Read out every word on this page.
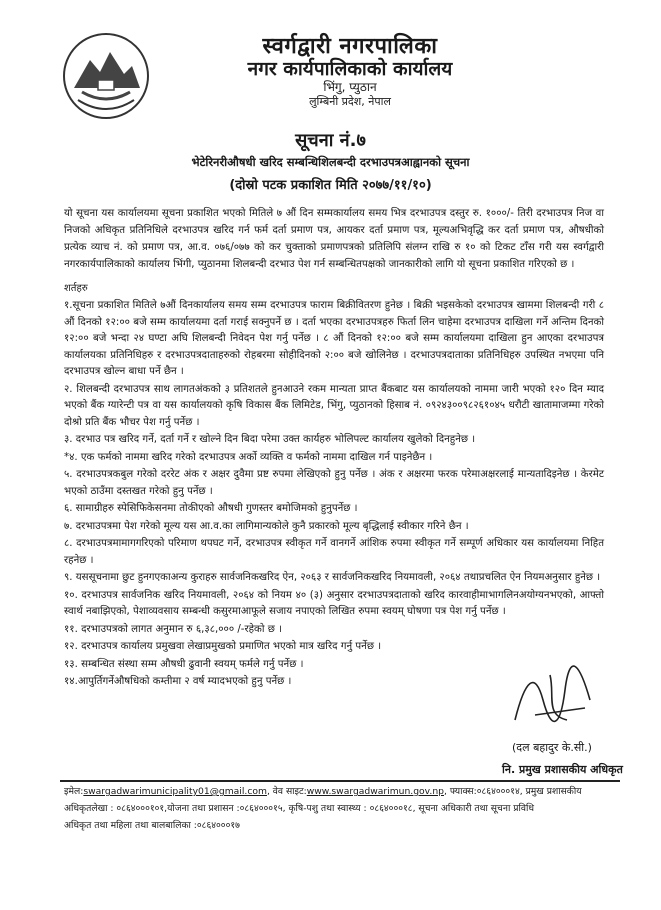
स्वर्गद्वारी नगरपालिका
नगर कार्यपालिकाको कार्यालय
भिंगु, प्युठान
लुम्बिनी प्रदेश, नेपाल
सूचना नं.७
भेटेरिनरीऔषधी खरिद सम्बन्धिशिलबन्दी दरभाउपत्रआह्वानको सूचना
(दोस्रो पटक प्रकाशित मिति २०७७/११/१०)
यो सूचना यस कार्यालयमा सूचना प्रकाशित भएको मितिले ७ औं दिन सम्मकार्यालय समय भित्र दरभाउपत्र दस्तुर रु. १०००/- तिरी दरभाउपत्र निज वा निजको अधिकृत प्रतिनिधिले दरभाउपत्र खरिद गर्न फर्म दर्ता प्रमाण पत्र, आयकर दर्ता प्रमाण पत्र, मूल्यअभिवृद्धि कर दर्ता प्रमाण पत्र, औषधीको प्रत्येक व्याच नं. को प्रमाण पत्र, आ.व. ०७६/०७७ को कर चुक्ताको प्रमाणपत्रको प्रतिलिपि संलग्न राखि रु १० को टिकट टाँस गरी यस स्वर्गद्वारी नगरकार्यपालिकाको कार्यालय भिंगी, प्युठानमा शिलबन्दी दरभाउ पेश गर्न सम्बन्धितपक्षको जानकारीको लागि यो सूचना प्रकाशित गरिएको छ ।
शर्तहरु

१.सूचना प्रकाशित मितिले ७औं दिनकार्यालय समय सम्म दरभाउपत्र फाराम बिक्रीवितरण हुनेछ । बिक्री भइसकेको दरभाउपत्र खाममा शिलबन्दी गरी ८ औं दिनको १२:०० बजे सम्म कार्यालयमा दर्ता गराई सक्नुपर्ने छ । दर्ता भएका दरभाउपत्रहरु फिर्ता लिन चाहेमा दरभाउपत्र दाखिला गर्ने अन्तिम दिनको १२:०० बजे भन्दा २४ घण्टा अघि शिलबन्दी निवेदन पेश गर्नु पर्नेछ । ८ औं दिनको १२:०० बजे सम्म कार्यालयमा दाखिला हुन आएका दरभाउपत्र कार्यालयका प्रतिनिधिहरु र दरभाउपत्रदाताहरुको रोहबरमा सोहीदिनको २:०० बजे खोलिनेछ । दरभाउपत्रदाताका प्रतिनिधिहरु उपस्थित नभएमा पनि दरभाउपत्र खोल्न बाधा पर्ने छैन ।

२. शिलबन्दी दरभाउपत्र साथ लागतअंकको ३ प्रतिशतले हुनआउने रकम मान्यता प्राप्त बैंकबाट यस कार्यालयको नाममा जारी भएको १२० दिन म्याद भएको बैंक ग्यारेन्टी पत्र वा यस कार्यालयको कृषि विकास बैंक लिमिटेड, भिंगु, प्युठानको हिसाब नं. ०९२४३००९८२६१०४५ धरौटी खातामाजम्मा गरेको दोश्रो प्रति बैंक भौचर पेश गर्नु पर्नेछ ।

३. दरभाउ पत्र खरिद गर्ने, दर्ता गर्ने र खोल्ने दिन बिदा परेमा उक्त कार्यहरु भोलिपल्ट कार्यालय खुलेको दिनहुनेछ ।

*४. एक फर्मको नाममा खरिद गरेको दरभाउपत्र अर्को व्यक्ति व फर्मको नाममा दाखिल गर्न पाइनेछैन ।

५. दरभाउपत्रकबुल गरेको दररेट अंक र अक्षर दुवैमा प्रष्ट रुपमा लेखिएको हुनु पर्नेछ । अंक र अक्षरमा फरक परेमाअक्षरलाई मान्यतादिइनेछ । केरमेट भएको ठाउँमा दस्तखत गरेको हुनु पर्नेछ ।

६. सामाग्रीहरु स्पेसिफिकेसनमा तोकीएको औषधी गुणस्तर बमोजिमको हुनुपर्नेछ ।

७. दरभाउपत्रमा पेश गरेको मूल्य यस आ.व.का लागिमान्यकोले कुनै प्रकारको मूल्य बृद्धिलाई स्वीकार गरिने छैन ।

८. दरभाउपत्रमामागगरिएको परिमाण थपघट गर्ने, दरभाउपत्र स्वीकृत गर्ने वानगर्ने आंशिक रुपमा स्वीकृत गर्ने सम्पूर्ण अधिकार यस कार्यालयमा निहित रहनेछ ।

९. यससूचनामा छुट हुनगएकाअन्य कुराहरु सार्वजनिकखरिद ऐन, २०६३ र सार्वजनिकखरिद नियमावली, २०६४ तथाप्रचलित ऐन नियमअनुसार हुनेछ ।

१०. दरभाउपत्र सार्वजनिक खरिद नियमावली, २०६४ को नियम ४० (३) अनुसार दरभाउपत्रदाताको खरिद कारवाहीमाभागलिनअयोग्यनभएको, आफ्तो स्वार्थ नबाझिएको, पेशाव्यवसाय सम्बन्धी कसुरमाआफूले सजाय नपाएको लिखित रुपमा स्वयम् घोषणा पत्र पेश गर्नु पर्नेछ ।

११. दरभाउपत्रको लागत अनुमान रु ६,३८,००० /-रहेको छ ।

१२. दरभाउपत्र कार्यालय प्रमुखवा लेखाप्रमुखको प्रमाणित भएको मात्र खरिद गर्नु पर्नेछ ।

१३. सम्बन्धित संस्था सम्म औषधी ढुवानी स्वयम् फर्मले गर्नु पर्नेछ ।

१४.आपुर्तिगर्नेऔषधिको कम्तीमा २ वर्ष म्यादभएको हुनु पर्नेछ ।

(दल बहादुर के.सी.)
नि. प्रमुख प्रशासकीय अधिकृत
इमेल:swargadwarimunicipality01@gmail.com, वेव साइट:www.swargadwarimun.gov.np, फ्याक्स:०८६४०००१४, प्रमुख प्रशासकीय
अधिकृतलेखा : ०८६४०००१०१,योजना तथा प्रशासन :०८६४०००१५, कृषि-पशु तथा स्वास्थ्य : ०८६४०००१८, सूचना अधिकारी तथा सूचना प्रविधि
अधिकृत तथा महिला तथा बालबालिका :०८६४०००१७
